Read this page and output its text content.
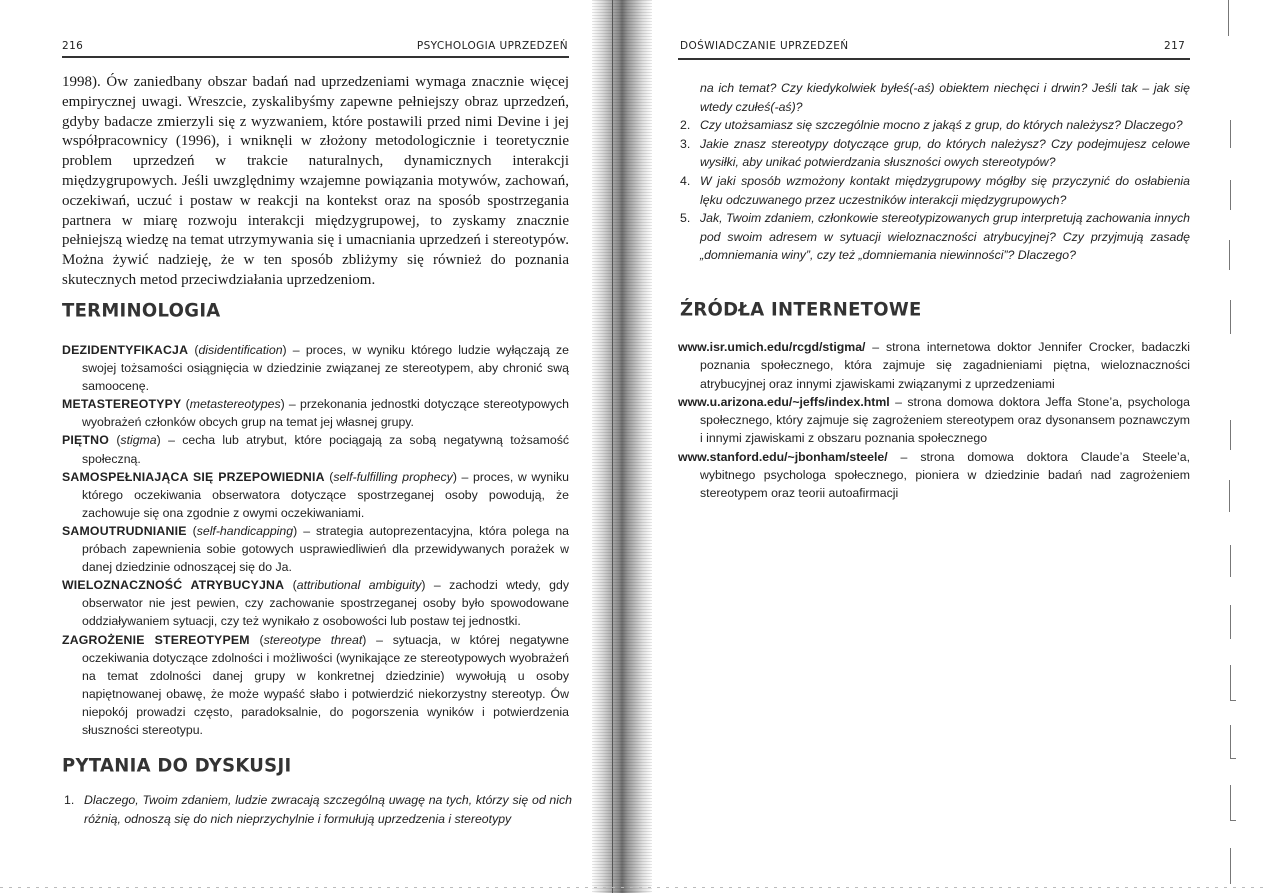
216	PSYCHOLOGIA UPRZEDZEŃ

1998). Ów zaniedbany obszar badań nad uprzedzeniami wymaga znacznie więcej empirycznej uwagi. Wreszcie, zyskalibyśmy zapewne pełniejszy obraz uprzedzeń, gdyby badacze zmierzyli się z wyzwaniem, które postawili przed nimi Devine i jej współpracownicy (1996), i wniknęli w złożony metodologicznie i teoretycznie problem uprzedzeń w trakcie naturalnych, dynamicznych interakcji międzygrupowych. Jeśli uwzględnimy wzajemne powiązania motywów, zachowań, oczekiwań, uczuć i postaw w reakcji na kontekst oraz na sposób spostrzegania partnera w miarę rozwoju interakcji międzygrupowej, to zyskamy znacznie pełniejszą wiedzę na temat utrzymywania się i umacniania uprzedzeń i stereotypów. Można żywić nadzieję, że w ten sposób zbliżymy się również do poznania skutecznych metod przeciwdziałania uprzedzeniom.

TERMINOLOGIA
DEZIDENTYFIKACJA (disidentification) – proces, w wyniku którego ludzie wyłączają ze swojej tożsamości osiągnięcia w dziedzinie związanej ze stereotypem, aby chronić swą samoocenę.
METASTEREOTYPY (metastereotypes) – przekonania jednostki dotyczące stereotypowych wyobrażeń członków obcych grup na temat jej własnej grupy.
PIĘTNO (stigma) – cecha lub atrybut, które pociągają za sobą negatywną tożsamość społeczną.
SAMOSPEŁNIAJĄCA SIĘ PRZEPOWIEDNIA (self-fulfilling prophecy) – proces, w wyniku którego oczekiwania obserwatora dotyczące spostrzeganej osoby powodują, że zachowuje się ona zgodnie z owymi oczekiwaniami.
SAMOUTRUDNIANIE (self-handicapping) – strategia autoprezentacyjna, która polega na próbach zapewnienia sobie gotowych usprawiedliwień dla przewidywanych porażek w danej dziedzinie odnoszącej się do Ja.
WIELOZNACZNOŚĆ ATRYBUCYJNA (attributional ambiguity) – zachodzi wtedy, gdy obserwator nie jest pewien, czy zachowanie spostrzeganej osoby było spowodowane oddziaływaniem sytuacji, czy też wynikało z osobowości lub postaw tej jednostki.
ZAGROŻENIE STEREOTYPEM (stereotype threat) – sytuacja, w której negatywne oczekiwania dotyczące zdolności i możliwości (wynikające ze stereotypowych wyobrażeń na temat zdolności danej grupy w konkretnej dziedzinie) wywołują u osoby napiętnowanej obawę, że może wypaść słabo i potwierdzić niekorzystny stereotyp. Ów niepokój prowadzi często, paradoksalnie, do pogorszenia wyników i potwierdzenia słuszności stereotypu.
PYTANIA DO DYSKUSJI
1. Dlaczego, Twoim zdaniem, ludzie zwracają szczególną uwagę na tych, którzy się od nich różnią, odnoszą się do nich nieprzychylnie i formułują uprzedzenia i stereotypy
DOŚWIADCZANIE UPRZEDZEŃ	217
na ich temat? Czy kiedykolwiek byłeś(-aś) obiektem niechęci i drwin? Jeśli tak – jak się wtedy czułeś(-aś)?
2. Czy utożsamiasz się szczególnie mocno z jakąś z grup, do których należysz? Dlaczego?
3. Jakie znasz stereotypy dotyczące grup, do których należysz? Czy podejmujesz celowe wysiłki, aby unikać potwierdzania słuszności owych stereotypów?
4. W jaki sposób wzmożony kontakt międzygrupowy mógłby się przyczynić do osłabienia lęku odczuwanego przez uczestników interakcji międzygrupowych?
5. Jak, Twoim zdaniem, członkowie stereotypizowanych grup interpretują zachowania innych pod swoim adresem w sytuacji wieloznaczności atrybucyjnej? Czy przyjmują zasadę „domniemania winy”, czy też „domniemania niewinności”? Dlaczego?
ŹRÓDŁA INTERNETOWE
www.isr.umich.edu/rcgd/stigma/ – strona internetowa doktor Jennifer Crocker, badaczki poznania społecznego, która zajmuje się zagadnieniami piętna, wieloznaczności atrybucyjnej oraz innymi zjawiskami związanymi z uprzedzeniami
www.u.arizona.edu/~jeffs/index.html – strona domowa doktora Jeffa Stone’a, psychologa społecznego, który zajmuje się zagrożeniem stereotypem oraz dysonansem poznawczym i innymi zjawiskami z obszaru poznania społecznego
www.stanford.edu/~jbonham/steele/ – strona domowa doktora Claude’a Steele’a, wybitnego psychologa społecznego, pioniera w dziedzinie badań nad zagrożeniem stereotypem oraz teorii autoafirmacji
